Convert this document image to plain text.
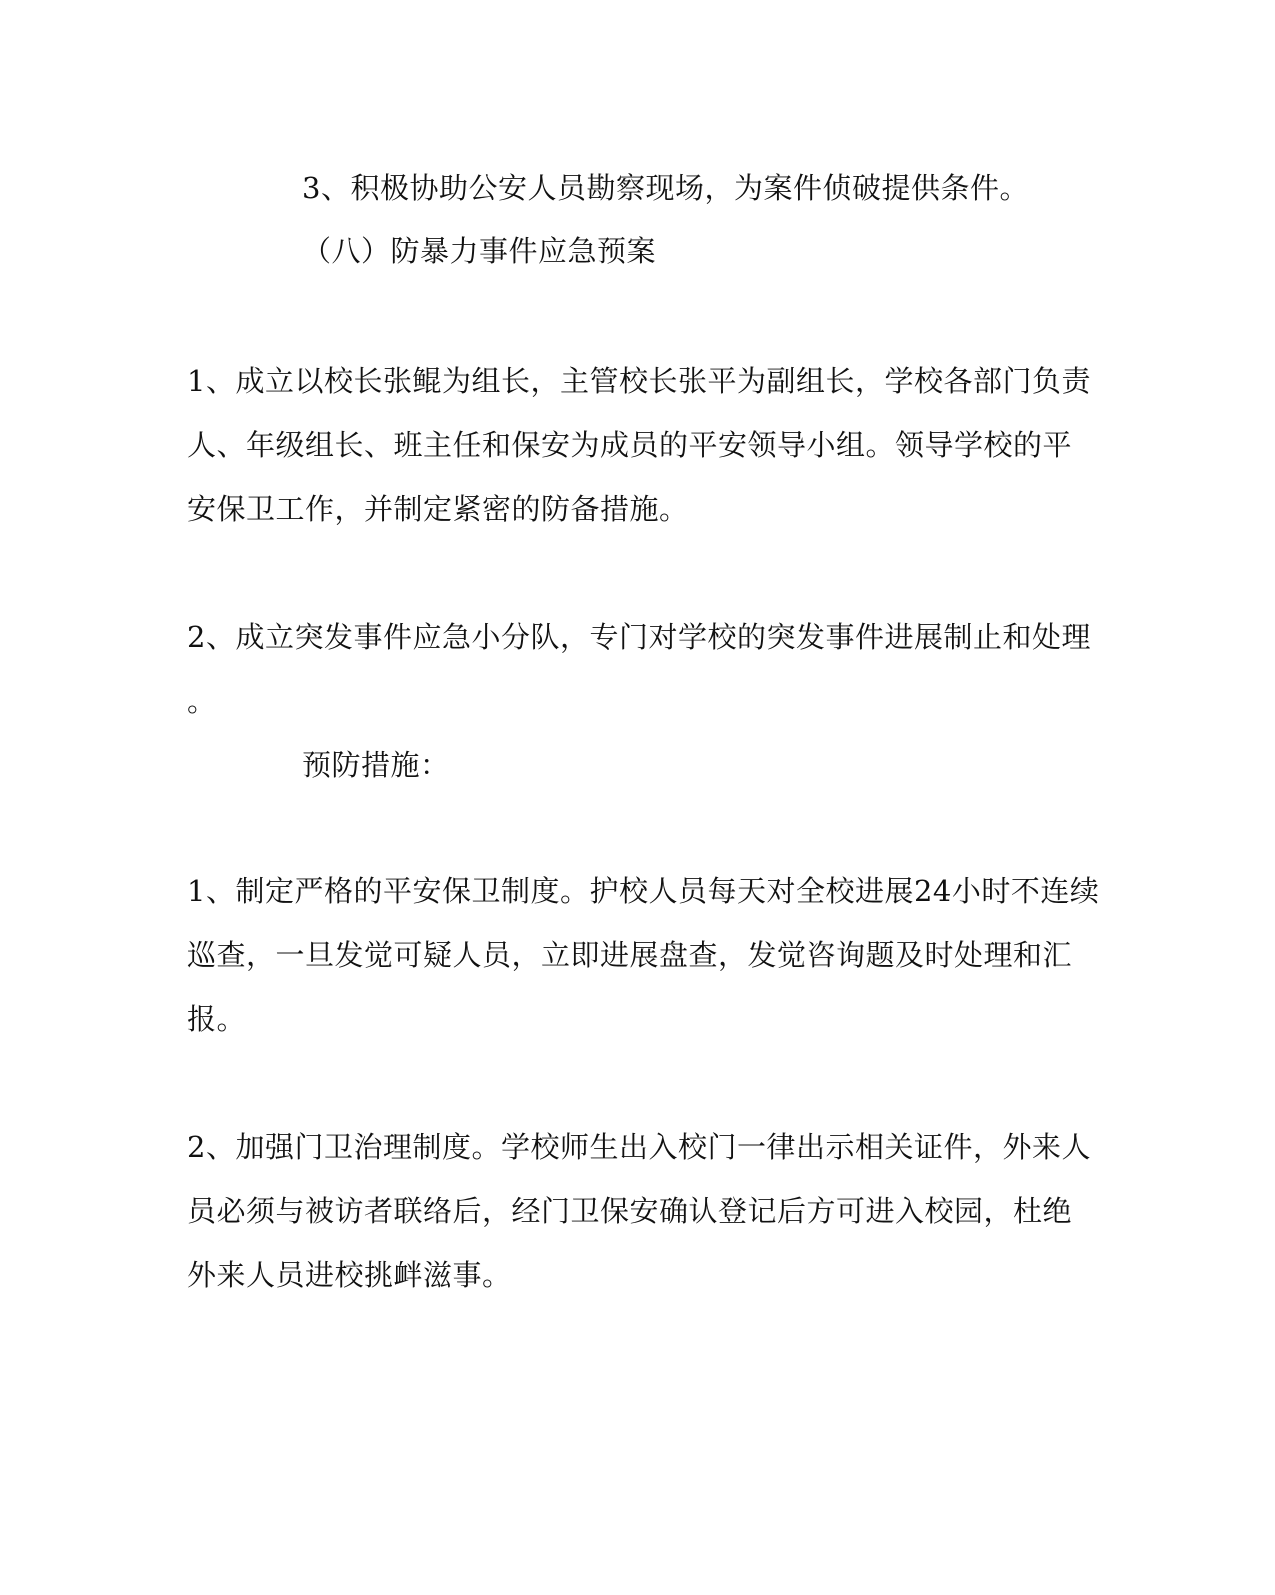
3、积极协助公安人员勘察现场，为案件侦破提供条件。
（八）防暴力事件应急预案
1、成立以校长张鲲为组长，主管校长张平为副组长，学校各部门负责
人、年级组长、班主任和保安为成员的平安领导小组。领导学校的平
安保卫工作，并制定紧密的防备措施。
2、成立突发事件应急小分队，专门对学校的突发事件进展制止和处理
。
预防措施：
1、制定严格的平安保卫制度。护校人员每天对全校进展24小时不连续
巡查，一旦发觉可疑人员，立即进展盘查，发觉咨询题及时处理和汇
报。
2、加强门卫治理制度。学校师生出入校门一律出示相关证件，外来人
员必须与被访者联络后，经门卫保安确认登记后方可进入校园，杜绝
外来人员进校挑衅滋事。
